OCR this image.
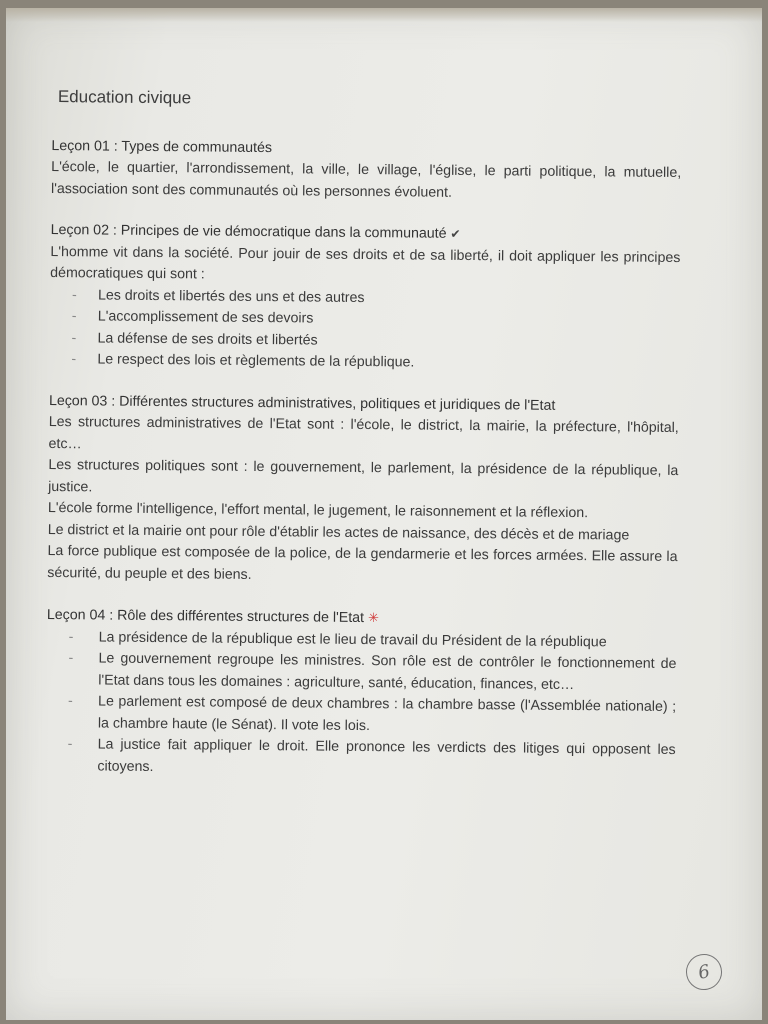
Education civique

Leçon 01 : Types de communautés

L'école, le quartier, l'arrondissement, la ville, le village, l'église, le parti politique, la mutuelle, l'association sont des communautés où les personnes évoluent.

Leçon 02 : Principes de vie démocratique dans la communauté ✔

L'homme vit dans la société. Pour jouir de ses droits et de sa liberté, il doit appliquer les principes démocratiques qui sont :

- Les droits et libertés des uns et des autres
- L'accomplissement de ses devoirs
- La défense de ses droits et libertés
- Le respect des lois et règlements de la république.

Leçon 03 : Différentes structures administratives, politiques et juridiques de l'Etat

Les structures administratives de l'Etat sont : l'école, le district, la mairie, la préfecture, l'hôpital, etc…

Les structures politiques sont : le gouvernement, le parlement, la présidence de la république, la justice.

L'école forme l'intelligence, l'effort mental, le jugement, le raisonnement et la réflexion.

Le district et la mairie ont pour rôle d'établir les actes de naissance, des décès et de mariage

La force publique est composée de la police, de la gendarmerie et les forces armées. Elle assure la sécurité, du peuple et des biens.

Leçon 04 : Rôle des différentes structures de l'Etat ✳

- La présidence de la république est le lieu de travail du Président de la république
- Le gouvernement regroupe les ministres. Son rôle est de contrôler le fonctionnement de l'Etat dans tous les domaines : agriculture, santé, éducation, finances, etc…
- Le parlement est composé de deux chambres : la chambre basse (l'Assemblée nationale) ; la chambre haute (le Sénat). Il vote les lois.
- La justice fait appliquer le droit. Elle prononce les verdicts des litiges qui opposent les citoyens.
6
